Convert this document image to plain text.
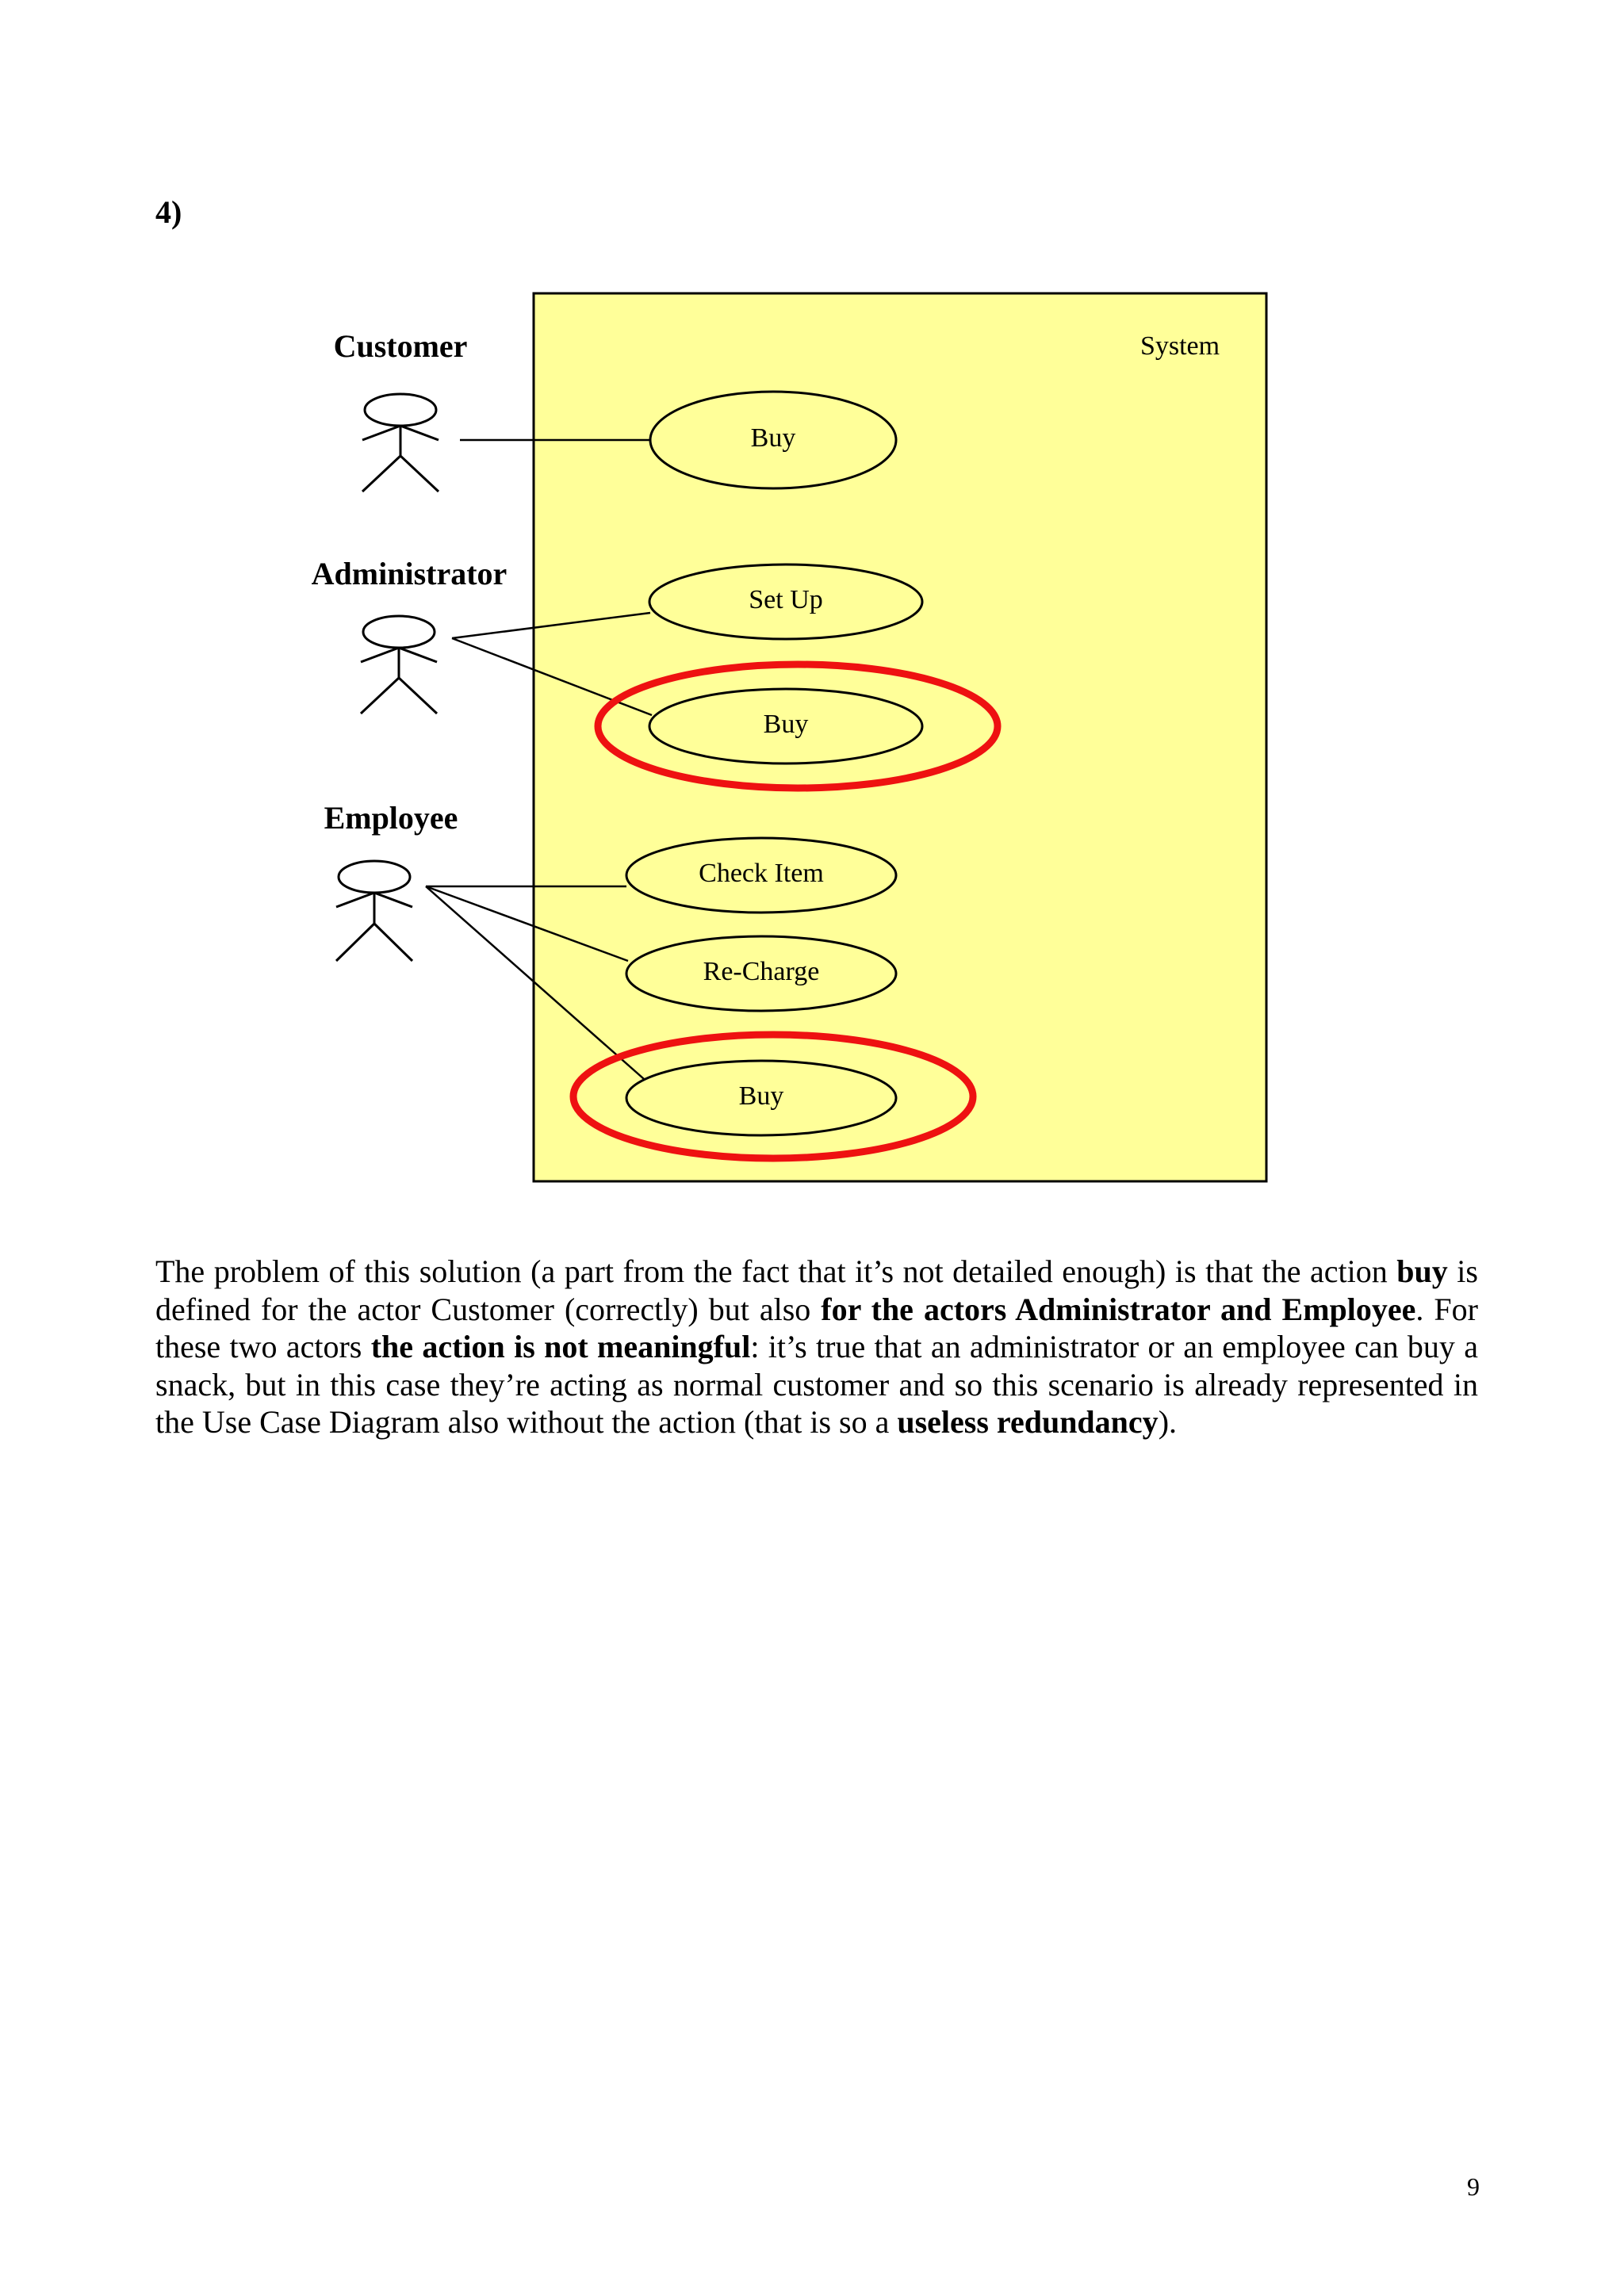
4)
System
Customer
Administrator
Employee
Buy
Set Up
Buy
Check Item
Re-Charge
Buy

The problem of this solution (a part from the fact that it’s not detailed enough) is that the action buy is defined for the actor Customer (correctly) but also for the actors Administrator and Employee. For these two actors the action is not meaningful: it’s true that an administrator or an employee can buy a snack, but in this case they’re acting as normal customer and so this scenario is already represented in the Use Case Diagram also without the action (that is so a useless redundancy).

9
